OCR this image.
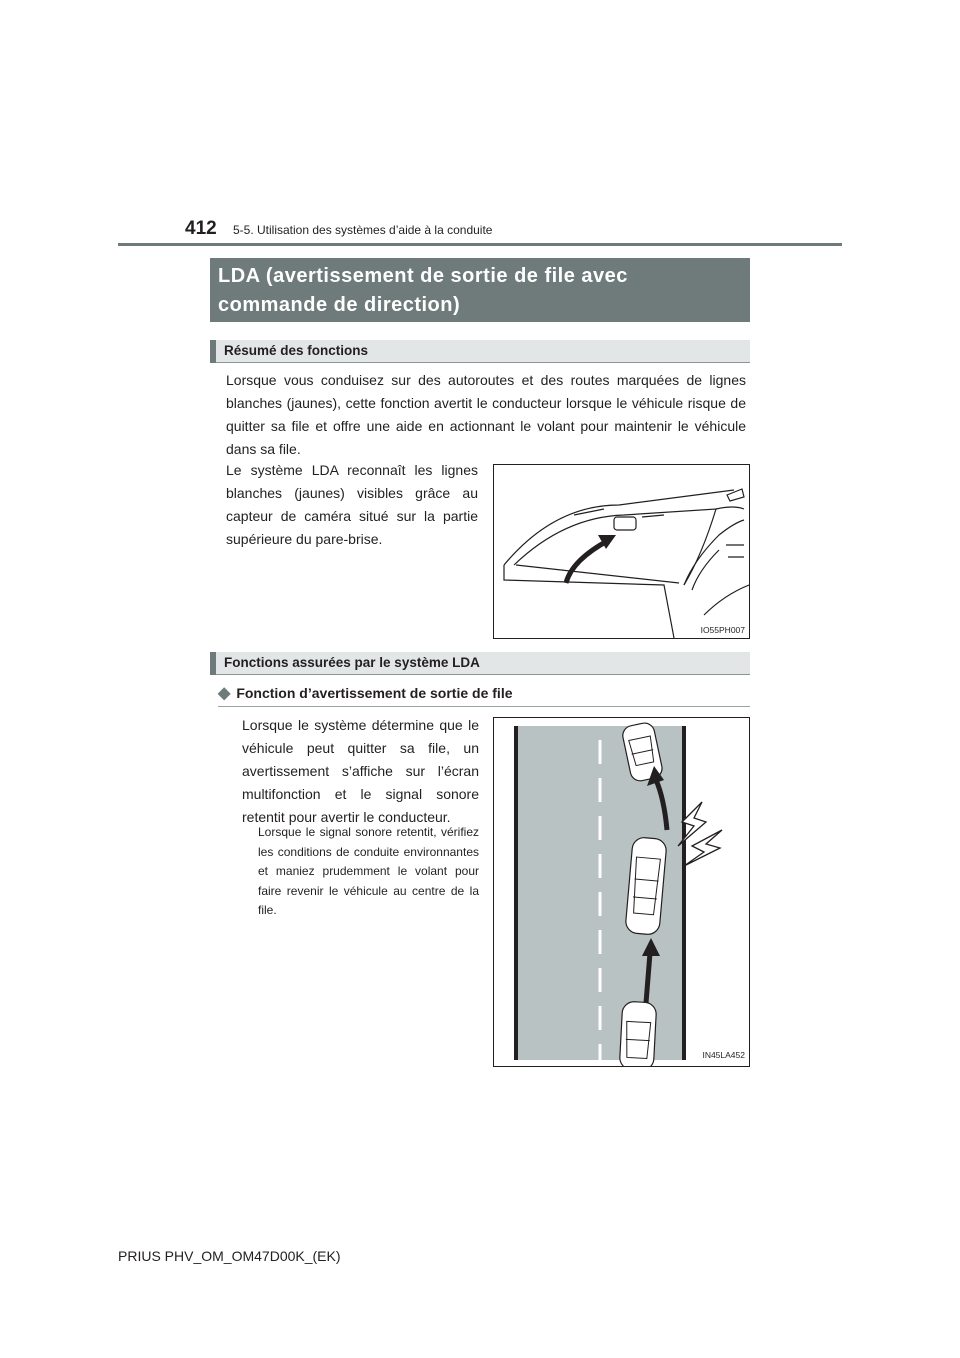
412 5-5. Utilisation des systèmes d’aide à la conduite
LDA (avertissement de sortie de file avec commande de direction)
Résumé des fonctions
Lorsque vous conduisez sur des autoroutes et des routes marquées de lignes blanches (jaunes), cette fonction avertit le conducteur lorsque le véhicule risque de quitter sa file et offre une aide en actionnant le volant pour maintenir le véhicule dans sa file.
Le système LDA reconnaît les lignes blanches (jaunes) visibles grâce au capteur de caméra situé sur la partie supérieure du pare-brise.
IO55PH007
Fonctions assurées par le système LDA
◆ Fonction d’avertissement de sortie de file
Lorsque le système détermine que le véhicule peut quitter sa file, un avertissement s’affiche sur l’écran multifonction et le signal sonore retentit pour avertir le conducteur.
Lorsque le signal sonore retentit, vérifiez les conditions de conduite environnantes et maniez prudemment le volant pour faire revenir le véhicule au centre de la file.
IN45LA452
PRIUS PHV_OM_OM47D00K_(EK)
